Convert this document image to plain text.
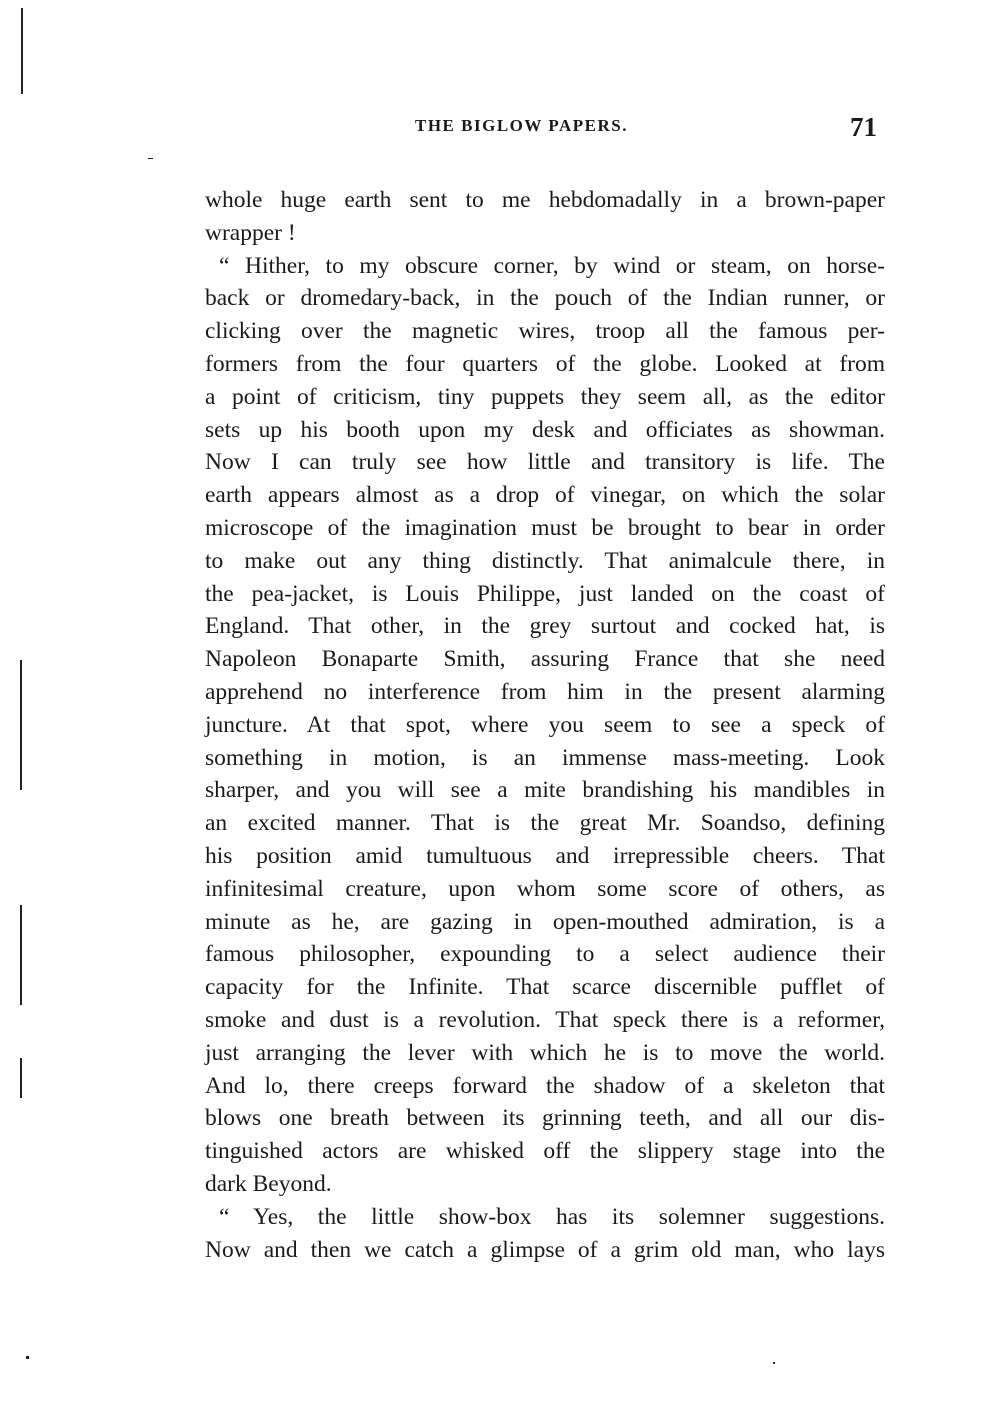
THE BIGLOW PAPERS.	71
whole huge earth sent to me hebdomadally in a brown-paper
wrapper !
“ Hither, to my obscure corner, by wind or steam, on horse-
back or dromedary-back, in the pouch of the Indian runner, or
clicking over the magnetic wires, troop all the famous per-
formers from the four quarters of the globe. Looked at from
a point of criticism, tiny puppets they seem all, as the editor
sets up his booth upon my desk and officiates as showman.
Now I can truly see how little and transitory is life. The
earth appears almost as a drop of vinegar, on which the solar
microscope of the imagination must be brought to bear in order
to make out any thing distinctly. That animalcule there, in
the pea-jacket, is Louis Philippe, just landed on the coast of
England. That other, in the grey surtout and cocked hat, is
Napoleon Bonaparte Smith, assuring France that she need
apprehend no interference from him in the present alarming
juncture. At that spot, where you seem to see a speck of
something in motion, is an immense mass-meeting. Look
sharper, and you will see a mite brandishing his mandibles in
an excited manner. That is the great Mr. Soandso, defining
his position amid tumultuous and irrepressible cheers. That
infinitesimal creature, upon whom some score of others, as
minute as he, are gazing in open-mouthed admiration, is a
famous philosopher, expounding to a select audience their
capacity for the Infinite. That scarce discernible pufflet of
smoke and dust is a revolution. That speck there is a reformer,
just arranging the lever with which he is to move the world.
And lo, there creeps forward the shadow of a skeleton that
blows one breath between its grinning teeth, and all our dis-
tinguished actors are whisked off the slippery stage into the
dark Beyond.
“ Yes, the little show-box has its solemner suggestions.
Now and then we catch a glimpse of a grim old man, who lays
